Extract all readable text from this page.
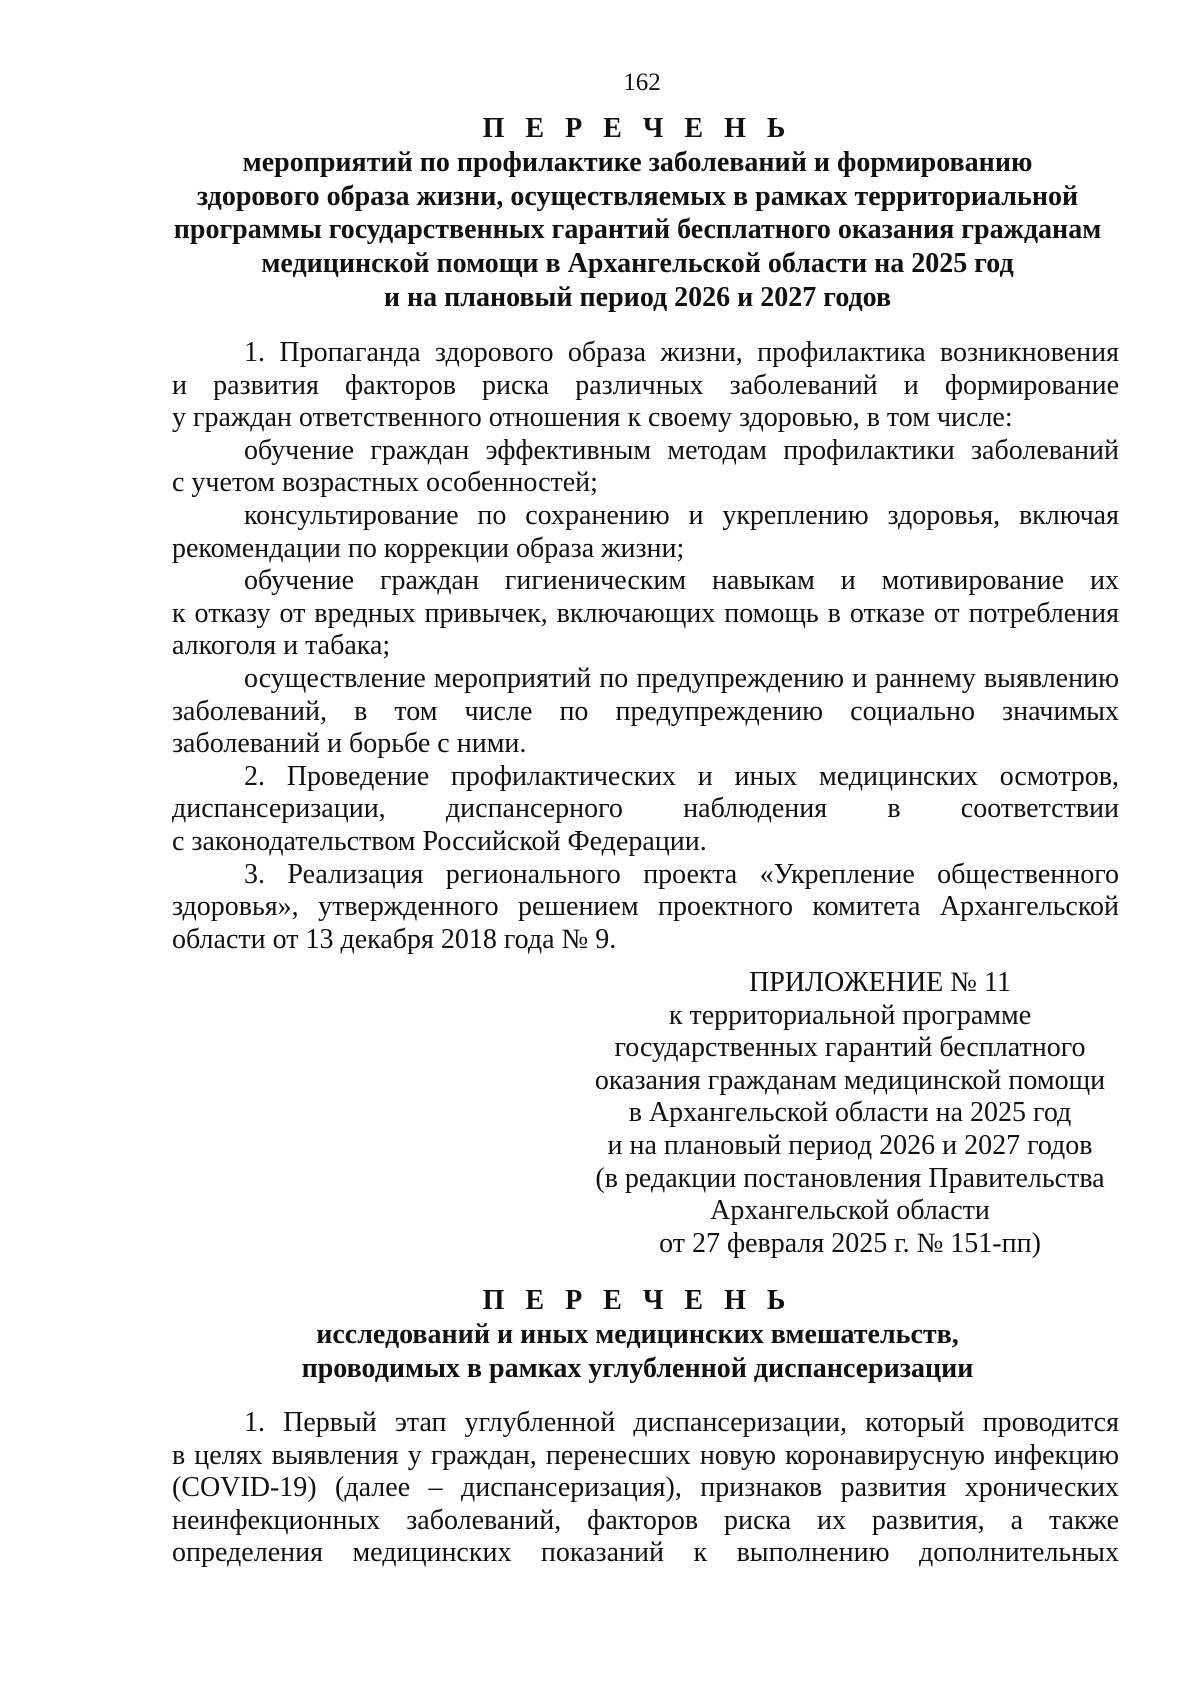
162
П Е Р Е Ч Е Н Ь
мероприятий по профилактике заболеваний и формированию
здорового образа жизни, осуществляемых в рамках территориальной
программы государственных гарантий бесплатного оказания гражданам
медицинской помощи в Архангельской области на 2025 год
и на плановый период 2026 и 2027 годов

1. Пропаганда здорового образа жизни, профилактика возникновения
и развития факторов риска различных заболеваний и формирование
у граждан ответственного отношения к своему здоровью, в том числе:

обучение граждан эффективным методам профилактики заболеваний
с учетом возрастных особенностей;

консультирование по сохранению и укреплению здоровья, включая
рекомендации по коррекции образа жизни;

обучение граждан гигиеническим навыкам и мотивирование их
к отказу от вредных привычек, включающих помощь в отказе от потребления
алкоголя и табака;

осуществление мероприятий по предупреждению и раннему выявлению
заболеваний, в том числе по предупреждению социально значимых
заболеваний и борьбе с ними.

2. Проведение профилактических и иных медицинских осмотров,
диспансеризации, диспансерного наблюдения в соответствии
с законодательством Российской Федерации.

3. Реализация регионального проекта «Укрепление общественного
здоровья», утвержденного решением проектного комитета Архангельской
области от 13 декабря 2018 года № 9.

ПРИЛОЖЕНИЕ № 11
к территориальной программе
государственных гарантий бесплатного
оказания гражданам медицинской помощи
в Архангельской области на 2025 год
и на плановый период 2026 и 2027 годов
(в редакции постановления Правительства
Архангельской области
от 27 февраля 2025 г. № 151-пп)
П Е Р Е Ч Е Н Ь
исследований и иных медицинских вмешательств,
проводимых в рамках углубленной диспансеризации

1. Первый этап углубленной диспансеризации, который проводится
в целях выявления у граждан, перенесших новую коронавирусную инфекцию
(COVID-19) (далее – диспансеризация), признаков развития хронических
неинфекционных заболеваний, факторов риска их развития, а также
определения медицинских показаний к выполнению дополнительных
